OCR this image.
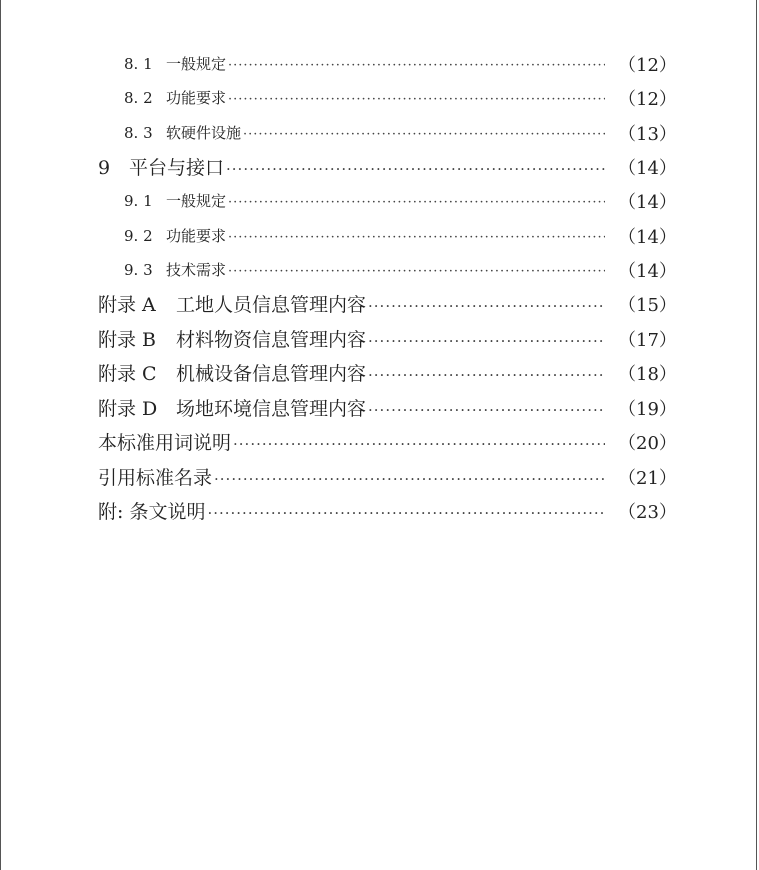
8. 1 一般规定 ·····	（12）
8. 2 功能要求 ·····	（12）
8. 3 软硬件设施 ·····	（13）
9 平台与接口 ·····	（14）
9. 1 一般规定 ·····	（14）
9. 2 功能要求 ·····	（14）
9. 3 技术需求 ·····	（14）
附录 A	工地人员信息管理内容 ·····	（15）
附录 B	材料物资信息管理内容 ·····	（17）
附录 C	机械设备信息管理内容 ·····	（18）
附录 D 场地环境信息管理内容 ·····	（19）
本标准用词说明 ·····	（20）
引用标准名录 ·····	（21）
附: 条文说明 ·····	（23）
